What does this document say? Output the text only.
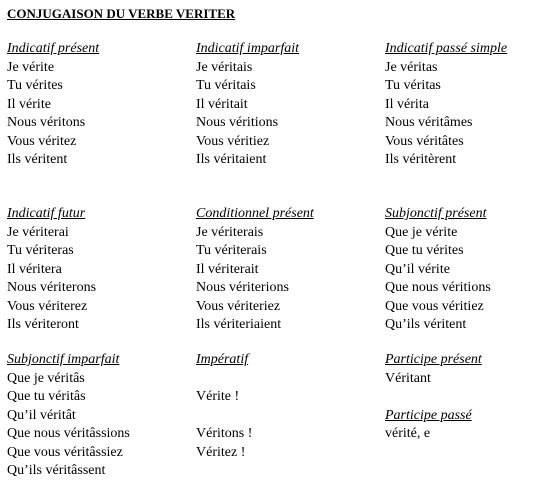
CONJUGAISON DU VERBE VERITER
Indicatif présent
Je vérite
Tu vérites
Il vérite
Nous véritons
Vous véritez
Ils véritent
Indicatif imparfait
Je véritais
Tu véritais
Il véritait
Nous véritions
Vous véritiez
Ils véritaient
Indicatif passé simple
Je véritas
Tu véritas
Il vérita
Nous véritâmes
Vous véritâtes
Ils véritèrent
Indicatif futur
Je vériterai
Tu vériteras
Il vériterа
Nous vériterons
Vous vériterez
Ils vériteront
Conditionnel présent
Je vériterais
Tu vériterais
Il vériterait
Nous vériterions
Vous vériteriez
Ils vériteriaient
Subjonctif présent
Que je vérite
Que tu vérites
Qu’il vérite
Que nous véritions
Que vous véritiez
Qu’ils véritent
Subjonctif imparfait
Que je véritâs
Que tu véritâs
Qu’il véritât
Que nous véritâssions
Que vous véritâssiez
Qu’ils véritâssent
Impératif
Vérite !
Véritons !
Véritez !
Participe présent
Véritant
Participe passé
vérité, e
